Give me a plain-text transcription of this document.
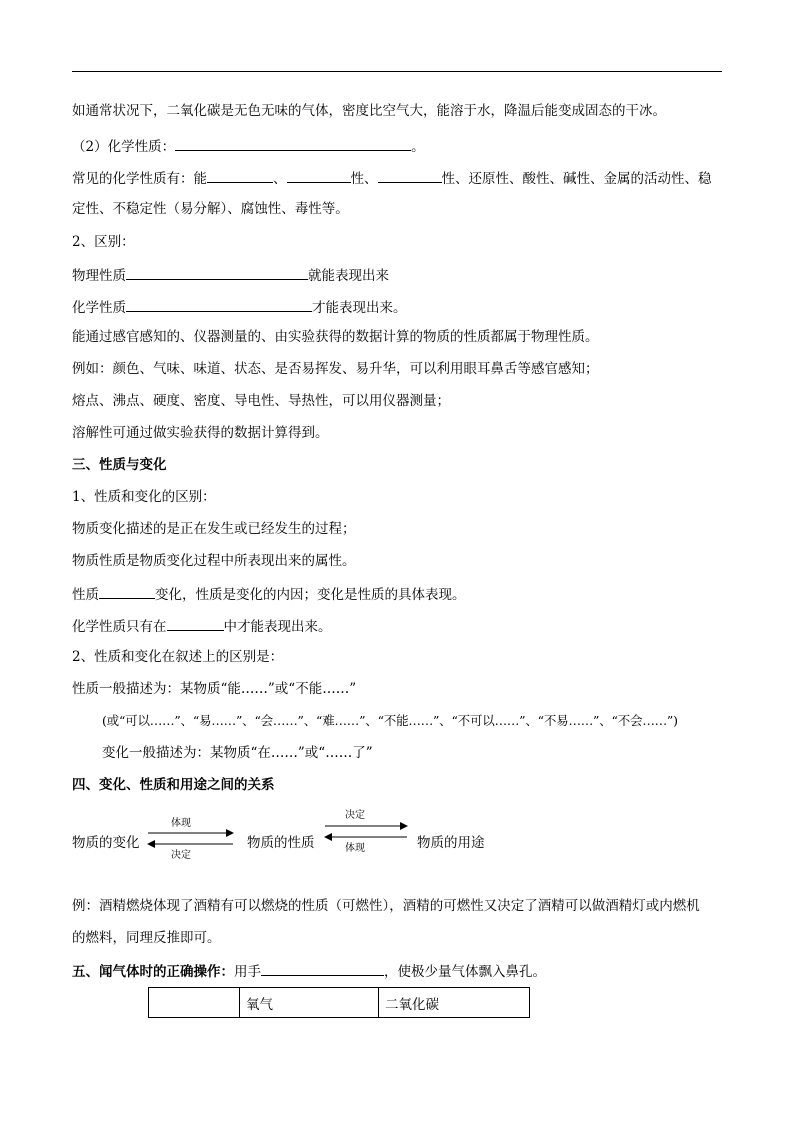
如通常状况下，二氧化碳是无色无味的气体，密度比空气大，能溶于水，降温后能变成固态的干冰。
（2）化学性质：	。
常见的化学性质有：能	、	性、	性、还原性、酸性、碱性、金属的活动性、稳
定性、不稳定性（易分解）、腐蚀性、毒性等。
2、区别：
物理性质	就能表现出来
化学性质	才能表现出来。
能通过感官感知的、仪器测量的、由实验获得的数据计算的物质的性质都属于物理性质。
例如：颜色、气味、味道、状态、是否易挥发、易升华，可以利用眼耳鼻舌等感官感知；
熔点、沸点、硬度、密度、导电性、导热性，可以用仪器测量；
溶解性可通过做实验获得的数据计算得到。
三、性质与变化
1、性质和变化的区别：
物质变化描述的是正在发生或已经发生的过程；
物质性质是物质变化过程中所表现出来的属性。
性质	变化，性质是变化的内因；变化是性质的具体表现。
化学性质只有在	中才能表现出来。
2、性质和变化在叙述上的区别是：
性质一般描述为：某物质“能……”或“不能……”
(或“可以……”、“易……”、“会……”、“难……”、“不能……”、“不可以……”、“不易……”、“不会……”)
变化一般描述为：某物质“在……”或“……了”
四、变化、性质和用途之间的关系
物质的变化	物质的性质	物质的用途
体现
决定
决定
体现
例：酒精燃烧体现了酒精有可以燃烧的性质（可燃性），酒精的可燃性又决定了酒精可以做酒精灯或内燃机
的燃料，同理反推即可。
五、闻气体时的正确操作：用手	，使极少量气体飘入鼻孔。
	氧气	二氧化碳
